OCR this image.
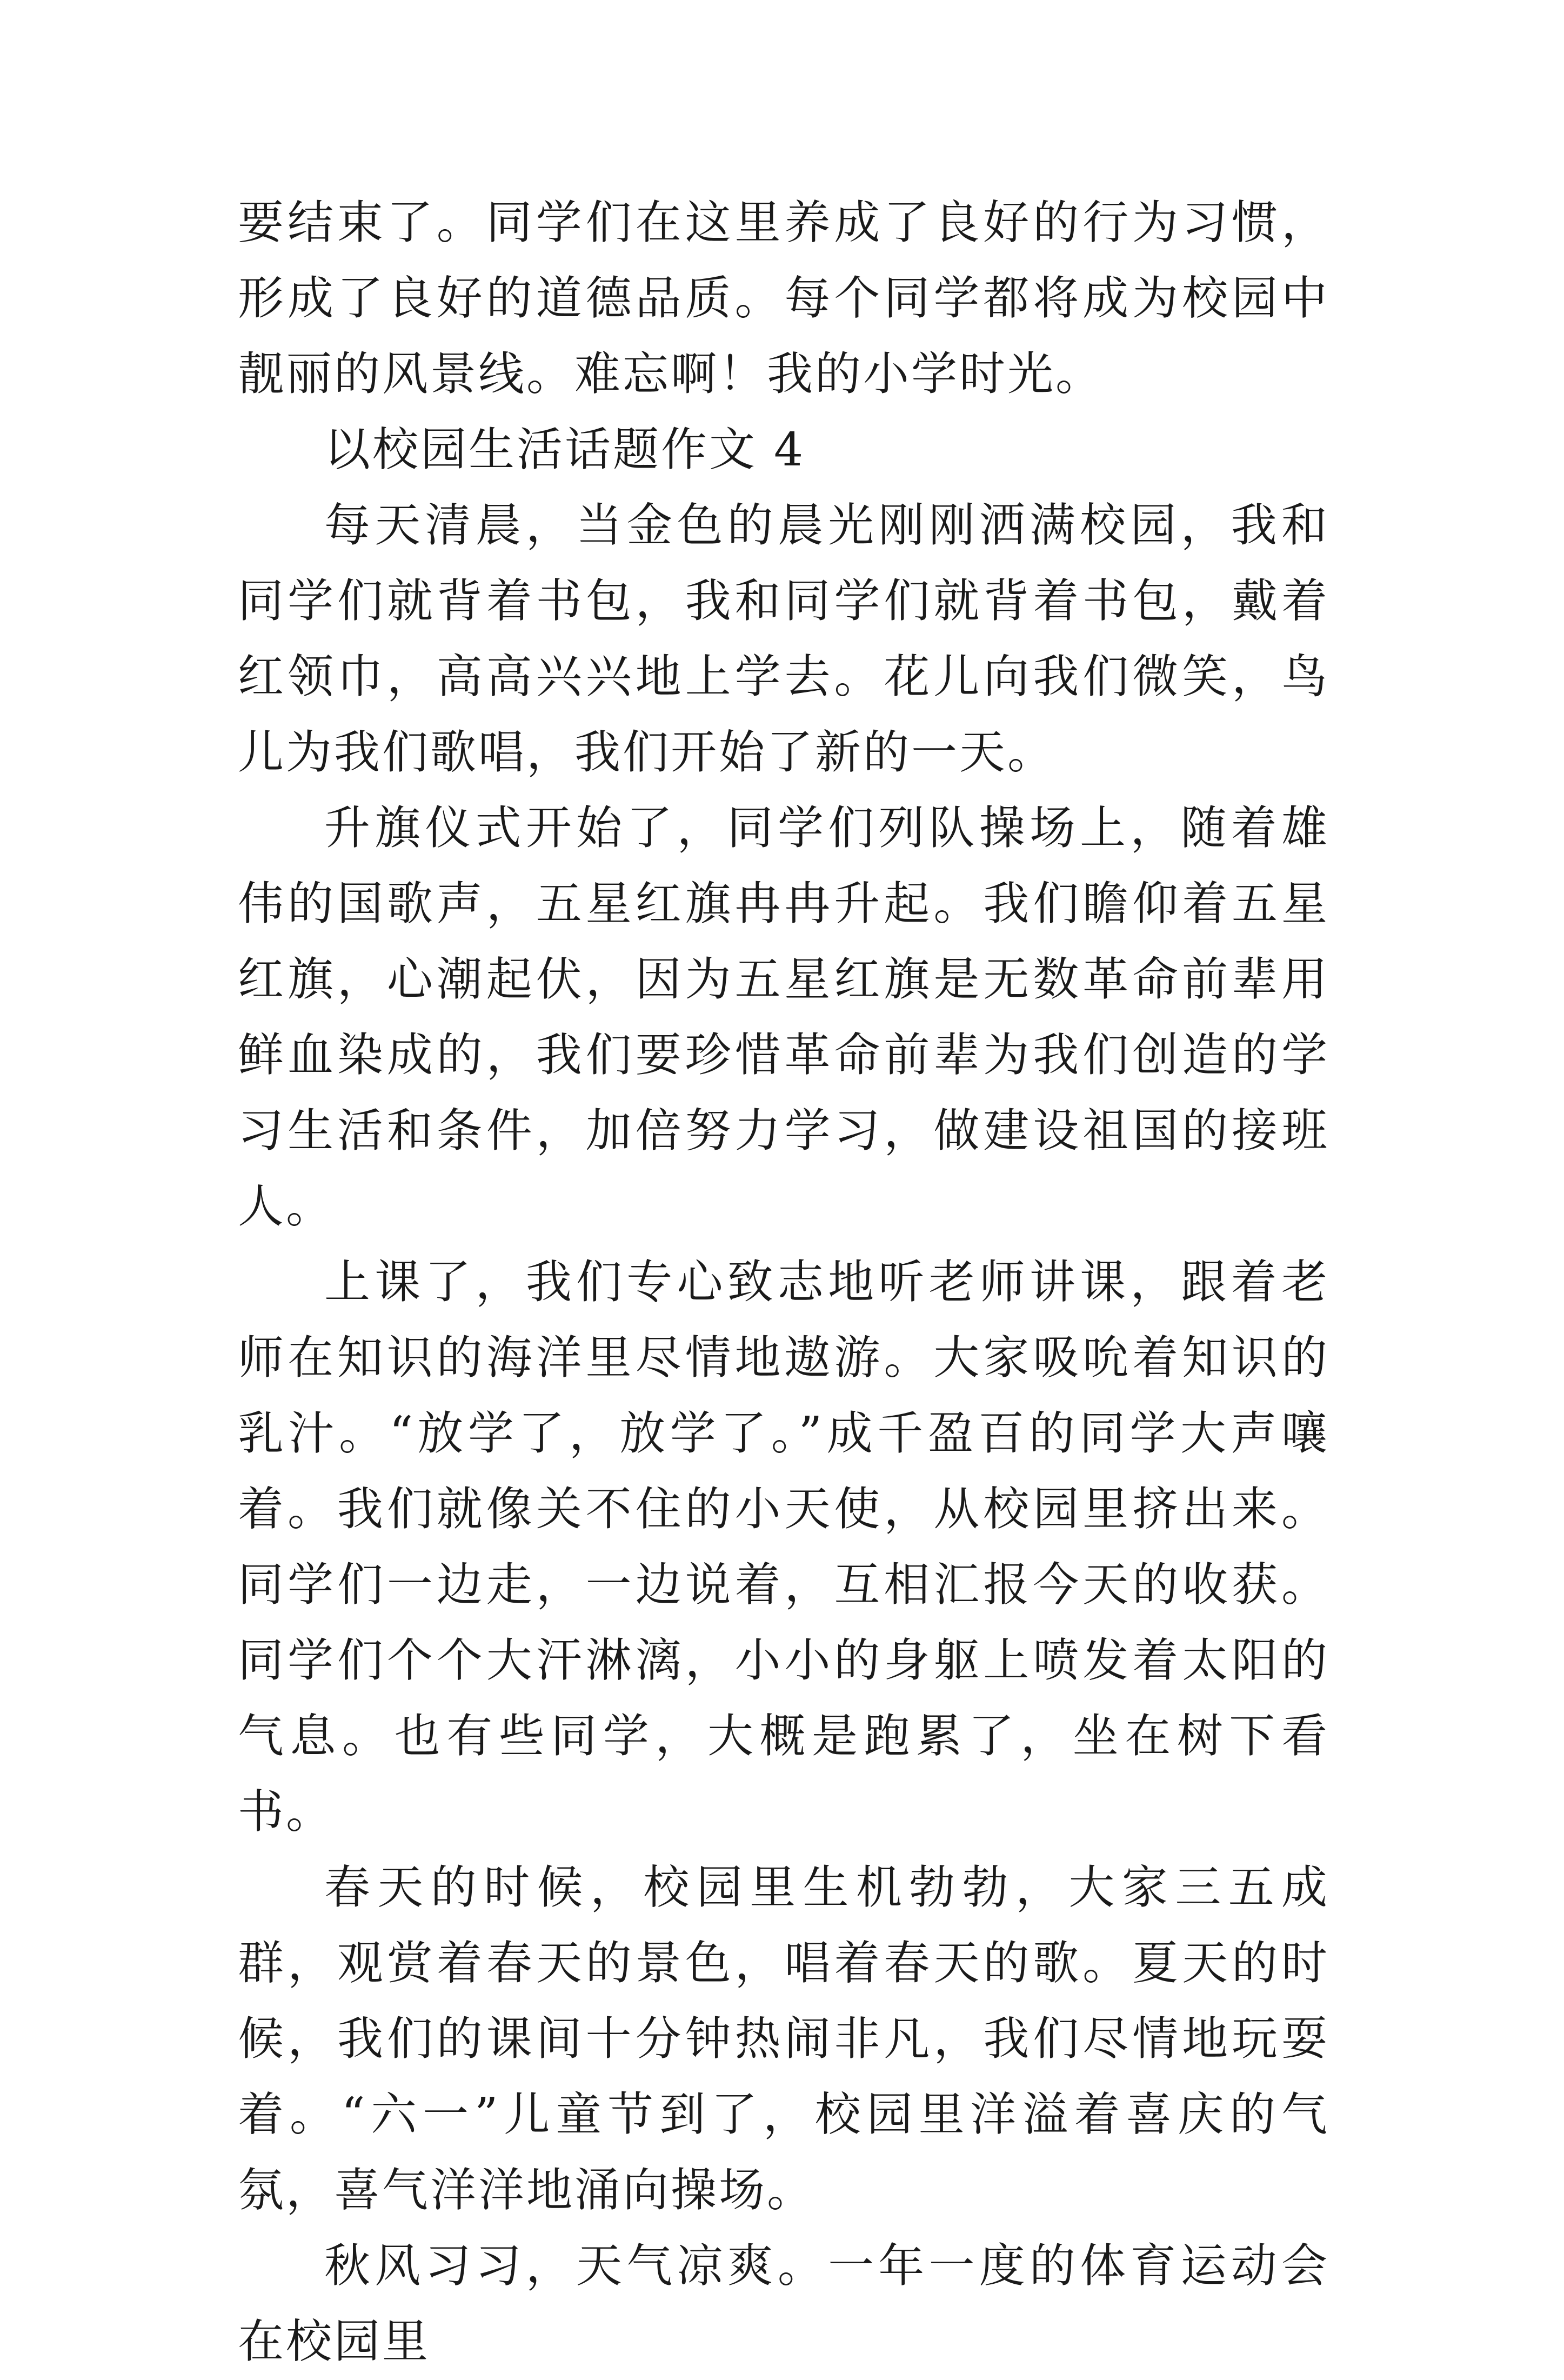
要结束了。同学们在这里养成了良好的行为习惯，形成了良好的道德品质。每个同学都将成为校园中靓丽的风景线。难忘啊！我的小学时光。

以校园生活话题作文 4

每天清晨，当金色的晨光刚刚洒满校园，我和同学们就背着书包，我和同学们就背着书包，戴着红领巾，高高兴兴地上学去。花儿向我们微笑，鸟儿为我们歌唱，我们开始了新的一天。

升旗仪式开始了，同学们列队操场上，随着雄伟的国歌声，五星红旗冉冉升起。我们瞻仰着五星红旗，心潮起伏，因为五星红旗是无数革命前辈用鲜血染成的，我们要珍惜革命前辈为我们创造的学习生活和条件，加倍努力学习，做建设祖国的接班人。

上课了，我们专心致志地听老师讲课，跟着老师在知识的海洋里尽情地遨游。大家吸吮着知识的乳汁。“放学了，放学了。”成千盈百的同学大声嚷着。我们就像关不住的小天使，从校园里挤出来。同学们一边走，一边说着，互相汇报今天的收获。同学们个个大汗淋漓，小小的身躯上喷发着太阳的气息。也有些同学，大概是跑累了，坐在树下看书。

春天的时候，校园里生机勃勃，大家三五成群，观赏着春天的景色，唱着春天的歌。夏天的时候，我们的课间十分钟热闹非凡，我们尽情地玩耍着。“六一”儿童节到了，校园里洋溢着喜庆的气氛，喜气洋洋地涌向操场。

秋风习习，天气凉爽。一年一度的体育运动会在校园里
